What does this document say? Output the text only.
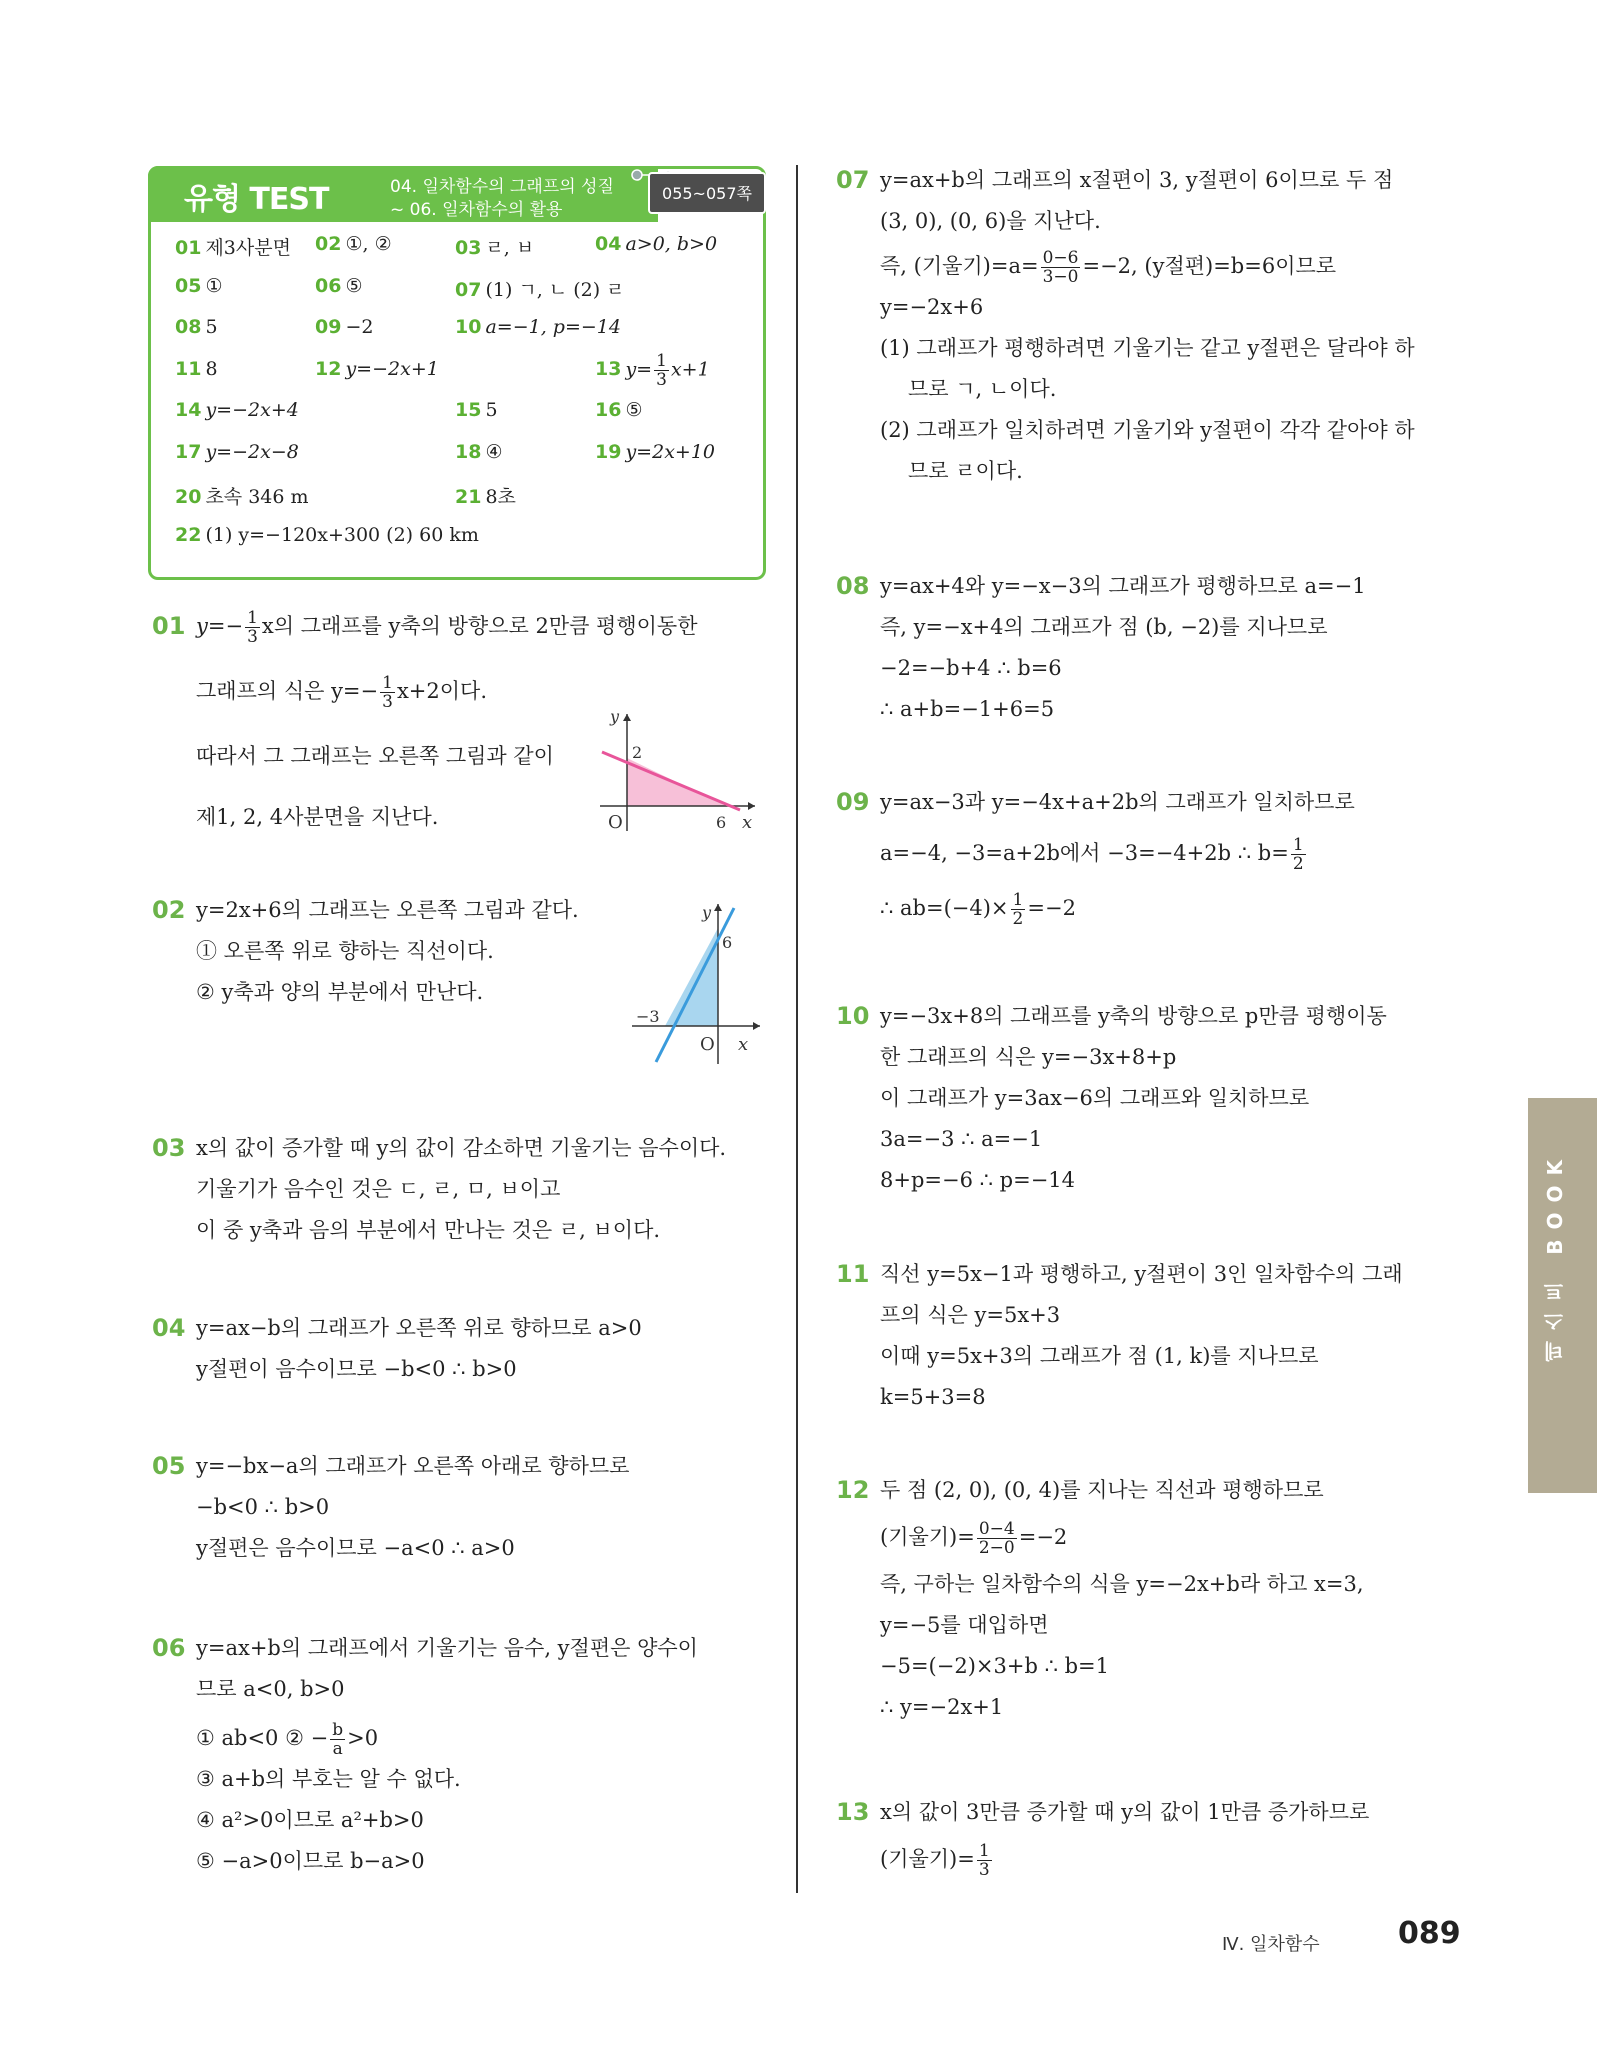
유형 TEST	04. 일차함수의 그래프의 성질
~ 06. 일차함수의 활용
055~057쪽
01 제3사분면 02 ①, ②	03 ㄹ, ㅂ	04 a>0, b>0
05 ①	06 ⑤	07 (1) ㄱ, ㄴ (2) ㄹ
08 5	09 −2	10 a=−1, p=−14
11 8	12 y=−2x+1	13 $y= \frac{1}{3} x+1$
14 y=−2x+4	15 5	16 ⑤
17 y=−2x−8	18 ④	19 y=2x+10
20 초속 346 m	21 8초
22 (1) y=−120x+300 (2) 60 km
01 $y=- \frac{1}{3}$ x의 그래프를 y축의 방향으로 2만큼 평행이동한
그래프의 식은 $y=- \frac{1}{3} x+2$이다.
따라서 그 그래프는 오른쪽 그림과 같이
제1, 2, 4사분면을 지난다.
y
x
O
2
6
02 y=2x+6의 그래프는 오른쪽 그림과 같다.
① 오른쪽 위로 향하는 직선이다.
② y축과 양의 부분에서 만난다.
y
x
O
6
−3
03 x의 값이 증가할 때 y의 값이 감소하면 기울기는 음수이다.
기울기가 음수인 것은 ㄷ, ㄹ, ㅁ, ㅂ이고
이 중 y축과 음의 부분에서 만나는 것은 ㄹ, ㅂ이다.
04 y=ax−b의 그래프가 오른쪽 위로 향하므로 a>0
y절편이 음수이므로 −b<0 ∴ b>0
05 y=−bx−a의 그래프가 오른쪽 아래로 향하므로
−b<0 ∴ b>0
y절편은 음수이므로 −a<0 ∴ a>0
06 y=ax+b의 그래프에서 기울기는 음수, y절편은 양수이
므로 a<0, b>0
① ab<0 ② − $\frac{b}{a} >0$
③ a+b의 부호는 알 수 없다.
④ a²>0이므로 a²+b>0
⑤ −a>0이므로 b−a>0
07 y=ax+b의 그래프의 x절편이 3, y절편이 6이므로 두 점
(3, 0), (0, 6)을 지난다.
즉, (기울기)$=a= \frac{0-6}{3-0} =-2$, (y절편)=b=6이므로
y=−2x+6
(1) 그래프가 평행하려면 기울기는 같고 y절편은 달라야 하
므로 ㄱ, ㄴ이다.
(2) 그래프가 일치하려면 기울기와 y절편이 각각 같아야 하
므로 ㄹ이다.
08 y=ax+4와 y=−x−3의 그래프가 평행하므로 a=−1
즉, y=−x+4의 그래프가 점 (b, −2)를 지나므로
−2=−b+4 ∴ b=6
∴ a+b=−1+6=5
09 y=ax−3과 y=−4x+a+2b의 그래프가 일치하므로
a=−4, −3=a+2b에서 −3=−4+2b ∴ $b= \frac{1}{2}$
∴ $ab=(-4)\times \frac{1}{2} =-2$
10 y=−3x+8의 그래프를 y축의 방향으로 p만큼 평행이동
한 그래프의 식은 y=−3x+8+p
이 그래프가 y=3ax−6의 그래프와 일치하므로
3a=−3 ∴ a=−1
8+p=−6 ∴ p=−14
11 직선 y=5x−1과 평행하고, y절편이 3인 일차함수의 그래
프의 식은 y=5x+3
이때 y=5x+3의 그래프가 점 (1, k)를 지나므로
k=5+3=8
12 두 점 (2, 0), (0, 4)를 지나는 직선과 평행하므로
(기울기)= $\frac{0-4}{2-0} =-2$
즉, 구하는 일차함수의 식을 y=−2x+b라 하고 x=3,
y=−5를 대입하면
−5=(−2)×3+b ∴ b=1
∴ y=−2x+1
13 x의 값이 3만큼 증가할 때 y의 값이 1만큼 증가하므로
(기울기)= $\frac{1}{3}$
테스트 BOOK
Ⅳ. 일차함수	089
